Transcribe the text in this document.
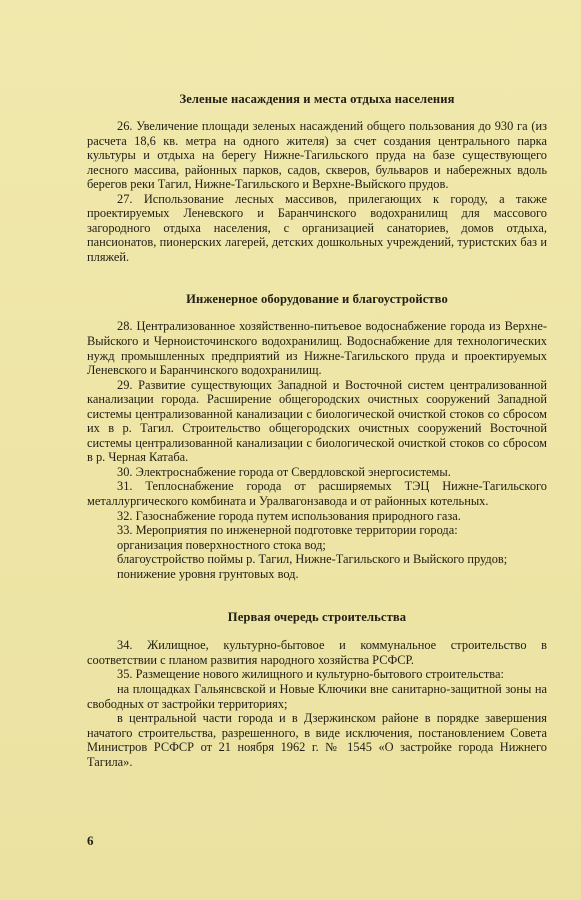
Зеленые насаждения и места отдыха населения

26. Увеличение площади зеленых насаждений общего пользования до 930 га (из расчета 18,6 кв. метра на одного жителя) за счет создания центрального парка культуры и отдыха на берегу Нижне-Тагильского пруда на базе существующего лесного массива, районных парков, садов, скверов, бульваров и набережных вдоль берегов реки Тагил, Нижне-Тагильского и Верхне-Выйского прудов.

27. Использование лесных массивов, прилегающих к городу, а также проектируемых Леневского и Баранчинского водохранилищ для массового загородного отдыха населения, с организацией санаториев, домов отдыха, пансионатов, пионерских лагерей, детских дошкольных учреждений, туристских баз и пляжей.

Инженерное оборудование и благоустройство

28. Централизованное хозяйственно-питьевое водоснабжение города из Верхне-Выйского и Черноисточинского водохранилищ. Водоснабжение для технологических нужд промышленных предприятий из Нижне-Тагильского пруда и проектируемых Леневского и Баранчинского водохранилищ.

29. Развитие существующих Западной и Восточной систем централизованной канализации города. Расширение общегородских очистных сооружений Западной системы централизованной канализации с биологической очисткой стоков со сбросом их в р. Тагил. Строительство общегородских очистных сооружений Восточной системы централизованной канализации с биологической очисткой стоков со сбросом в р. Черная Катаба.

30. Электроснабжение города от Свердловской энергосистемы.

31. Теплоснабжение города от расширяемых ТЭЦ Нижне-Тагильского металлургического комбината и Уралвагонзавода и от районных котельных.

32. Газоснабжение города путем использования природного газа.

33. Мероприятия по инженерной подготовке территории города:

организация поверхностного стока вод;

благоустройство поймы р. Тагил, Нижне-Тагильского и Выйского прудов;

понижение уровня грунтовых вод.

Первая очередь строительства

34. Жилищное, культурно-бытовое и коммунальное строительство в соответствии с планом развития народного хозяйства РСФСР.

35. Размещение нового жилищного и культурно-бытового строительства:

на площадках Гальянсвской и Новые Ключики вне санитарно-защитной зоны на свободных от застройки территориях;

в центральной части города и в Дзержинском районе в порядке завершения начатого строительства, разрешенного, в виде исключения, постановлением Совета Министров РСФСР от 21 ноября 1962 г. № 1545 «О застройке города Нижнего Тагила».

6
